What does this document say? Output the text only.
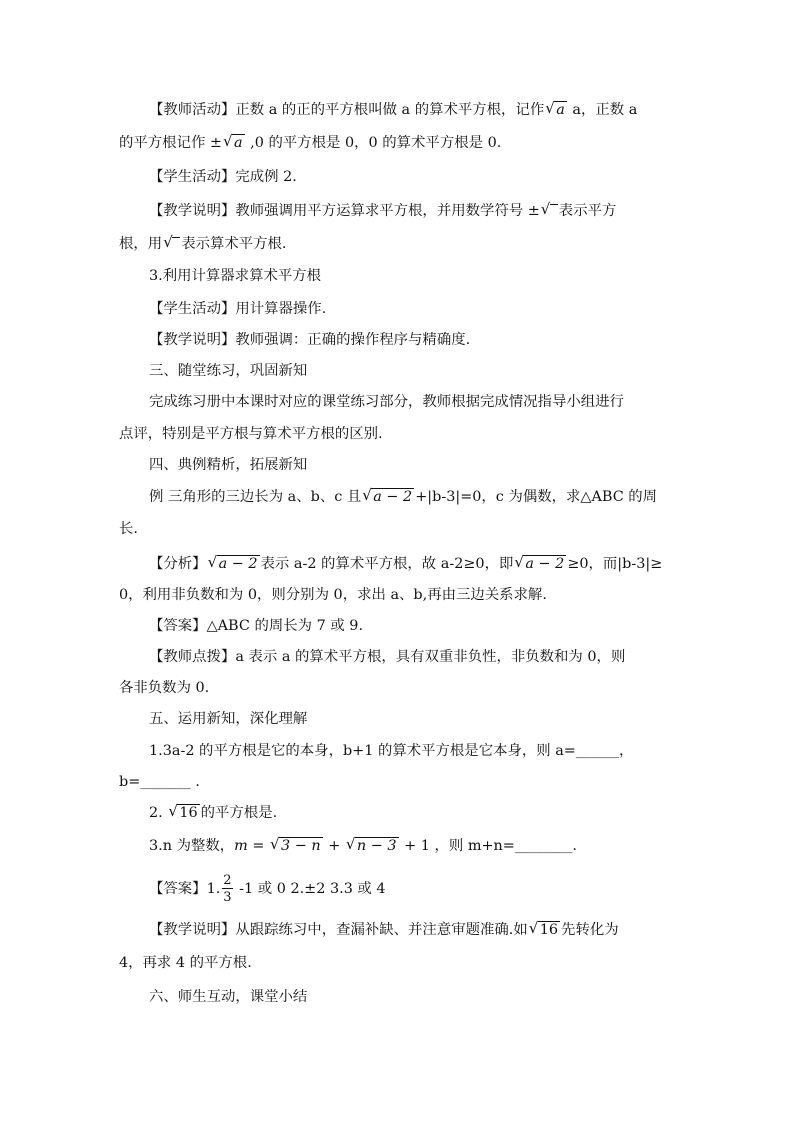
【教师活动】正数 a 的正的平方根叫做 a 的算术平方根，记作 √ a a，正数 a
的平方根记作 ± √ a ,0 的平方根是 0，0 的算术平方根是 0.
【学生活动】完成例 2.
【教学说明】教师强调用平方运算求平方根，并用数学符号 ± √ 表示平方
根，用 √ 表示算术平方根.
3.利用计算器求算术平方根
【学生活动】用计算器操作.
【教学说明】教师强调：正确的操作程序与精确度.
三、随堂练习，巩固新知
完成练习册中本课时对应的课堂练习部分，教师根据完成情况指导小组进行
点评，特别是平方根与算术平方根的区别.
四、典例精析，拓展新知
例 三角形的三边长为 a、b、c 且 √ a − 2 +|b-3|=0，c 为偶数，求△ABC 的周
长.
【分析】 √ a − 2 表示 a-2 的算术平方根，故 a-2≥0，即 √ a − 2 ≥0，而|b-3|≥
0，利用非负数和为 0，则分别为 0，求出 a、b,再由三边关系求解.
【答案】△ABC 的周长为 7 或 9.
【教师点拨】a 表示 a 的算术平方根，具有双重非负性，非负数和为 0，则
各非负数为 0.
五、运用新知，深化理解
1.3a-2 的平方根是它的本身，b+1 的算术平方根是它本身，则 a=______，
b=_______ .
2. √ 16 的平方根是.
3.n 为整数，m = √ 3 − n + √ n − 3 + 1 ，则 m+n=________.
【答案】1. $\frac{2}{3} -1$ 或 0 2.±2 3.3 或 4
【教学说明】从跟踪练习中，查漏补缺、并注意审题准确.如 √ 16 先转化为
4，再求 4 的平方根.
六、师生互动，课堂小结
